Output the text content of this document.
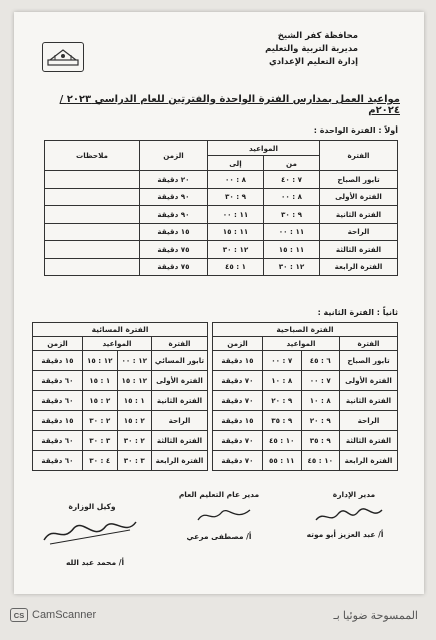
محافظة كفر الشيخ
مديرية التربية والتعليم
إدارة التعليم الإعدادي
مواعيد العمل بمدارس الفترة الواحدة والفترتين للعام الدراسي ٢٠٢٣ / ٢٠٢٤م
أولاً : الفترة الواحدة :
الفترة	المواعيد		الزمن	ملاحظات
	من	إلى		
تابور الصباح	٧ : ٤٠	٨ : ٠٠	٢٠ دقيقة	
الفترة الأولى	٨ : ٠٠	٩ : ٣٠	٩٠ دقيقة	
الفترة الثانية	٩ : ٣٠	١١ : ٠٠	٩٠ دقيقة	
الراحة	١١ : ٠٠	١١ : ١٥	١٥ دقيقة	
الفترة الثالثة	١١ : ١٥	١٢ : ٣٠	٧٥ دقيقة	
الفترة الرابعة	١٢ : ٣٠	١ : ٤٥	٧٥ دقيقة	
ثانياً : الفترة الثانية :
الفترة الصباحية			
الفترة	المواعيد		الزمن
تابور الصباح	٦ : ٤٥	٧ : ٠٠	١٥ دقيقة
الفترة الأولى	٧ : ٠٠	٨ : ١٠	٧٠ دقيقة
الفترة الثانية	٨ : ١٠	٩ : ٢٠	٧٠ دقيقة
الراحة	٩ : ٢٠	٩ : ٣٥	١٥ دقيقة
الفترة الثالثة	٩ : ٣٥	١٠ : ٤٥	٧٠ دقيقة
الفترة الرابعة	١٠ : ٤٥	١١ : ٥٥	٧٠ دقيقة
الفترة المسائية			
الفترة	المواعيد		الزمن
تابور المسائي	١٢ : ٠٠	١٢ : ١٥	١٥ دقيقة
الفترة الأولى	١٢ : ١٥	١ : ١٥	٦٠ دقيقة
الفترة الثانية	١ : ١٥	٢ : ١٥	٦٠ دقيقة
الراحة	٢ : ١٥	٢ : ٣٠	١٥ دقيقة
الفترة الثالثة	٢ : ٣٠	٣ : ٣٠	٦٠ دقيقة
الفترة الرابعة	٣ : ٣٠	٤ : ٣٠	٦٠ دقيقة
مدير الإدارة
أ/ عبد العزيز أبو موته
مدير عام التعليم العام
أ/ مصطفى مرعي
وكيل الوزارة
أ/ محمد عبد الله
CS CamScanner	الممسوحة ضوئيا بـ
